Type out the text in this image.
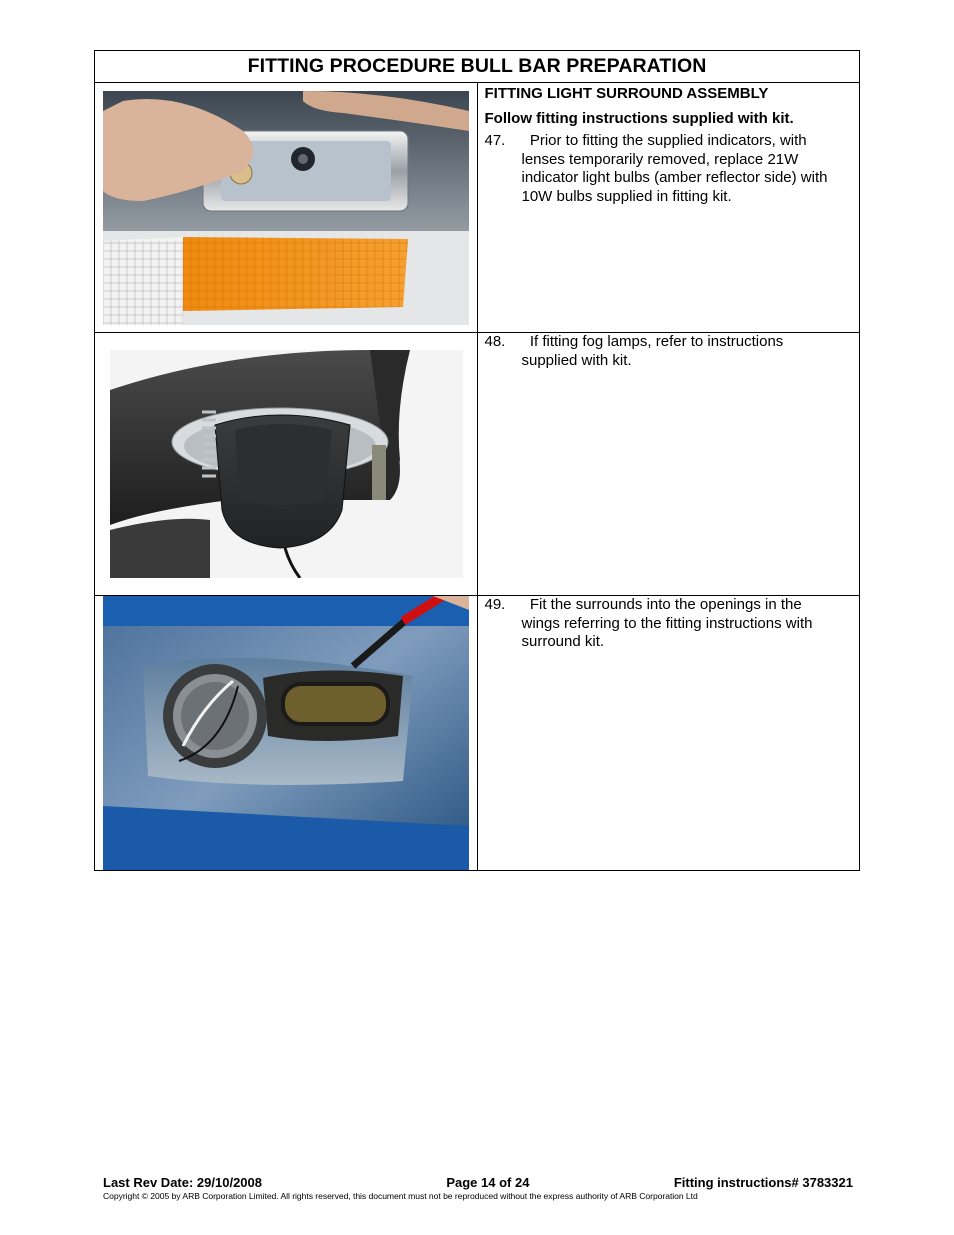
FITTING PROCEDURE BULL BAR PREPARATION	

FITTING LIGHT SURROUND ASSEMBLY
Follow fitting instructions supplied with kit.
47. Prior to fitting the supplied indicators, with lenses temporarily removed, replace 21W indicator light bulbs (amber reflector side) with 10W bulbs supplied in fitting kit.

48. If fitting fog lamps, refer to instructions supplied with kit.

49. Fit the surrounds into the openings in the wings referring to the fitting instructions with surround kit.
Last Rev Date: 29/10/2008	Page 14 of 24	Fitting instructions# 3783321
Copyright © 2005 by ARB Corporation Limited. All rights reserved, this document must not be reproduced without the express authority of ARB Corporation Ltd
